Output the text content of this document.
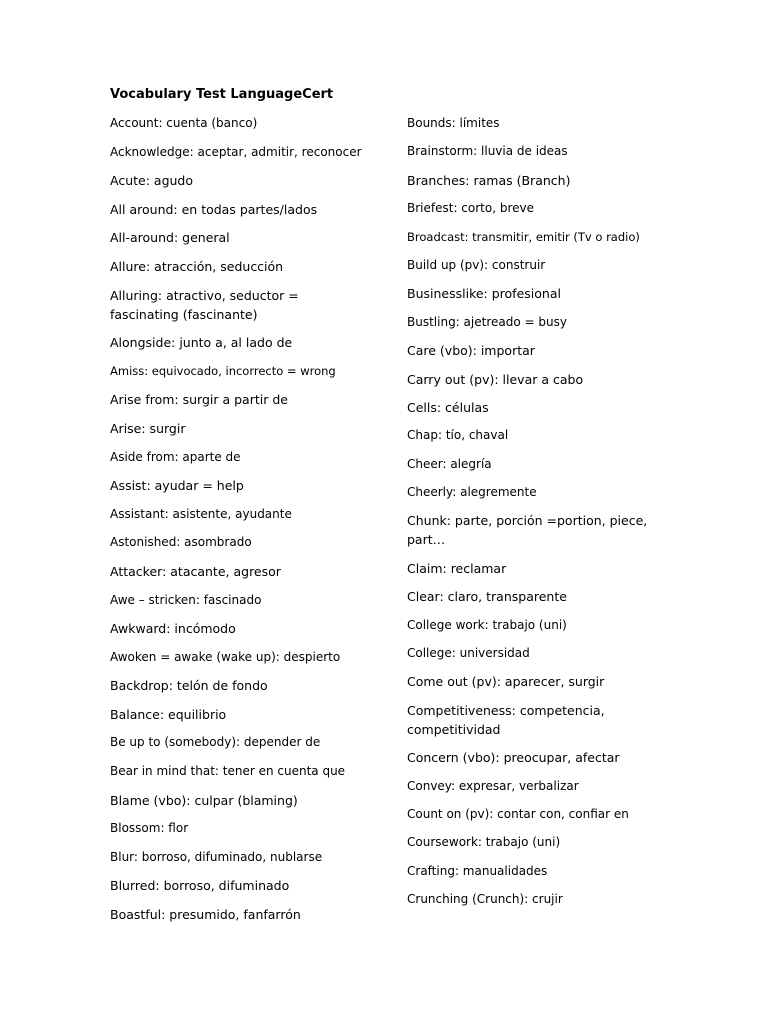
Vocabulary Test LanguageCert
Account: cuenta (banco)
Acknowledge: aceptar, admitir, reconocer
Acute: agudo
All around: en todas partes/lados
All-around: general
Allure: atracción, seducción
Alluring: atractivo, seductor = fascinating (fascinante)
Alongside: junto a, al lado de
Amiss: equivocado, incorrecto = wrong
Arise from: surgir a partir de
Arise: surgir
Aside from: aparte de
Assist: ayudar = help
Assistant: asistente, ayudante
Astonished: asombrado
Attacker: atacante, agresor
Awe – stricken: fascinado
Awkward: incómodo
Awoken = awake (wake up): despierto
Backdrop: telón de fondo
Balance: equilibrio
Be up to (somebody): depender de
Bear in mind that: tener en cuenta que
Blame (vbo): culpar (blaming)
Blossom: flor
Blur: borroso, difuminado, nublarse
Blurred: borroso, difuminado
Boastful: presumido, fanfarrón
Bounds: límites
Brainstorm: lluvia de ideas
Branches: ramas (Branch)
Briefest: corto, breve
Broadcast: transmitir, emitir (Tv o radio)
Build up (pv): construir
Businesslike: profesional
Bustling: ajetreado = busy
Care (vbo): importar
Carry out (pv): llevar a cabo
Cells: células
Chap: tío, chaval
Cheer: alegría
Cheerly: alegremente
Chunk: parte, porción =portion, piece, part…
Claim: reclamar
Clear: claro, transparente
College work: trabajo (uni)
College: universidad
Come out (pv): aparecer, surgir
Competitiveness: competencia, competitividad
Concern (vbo): preocupar, afectar
Convey: expresar, verbalizar
Count on (pv): contar con, confiar en
Coursework: trabajo (uni)
Crafting: manualidades
Crunching (Crunch): crujir
